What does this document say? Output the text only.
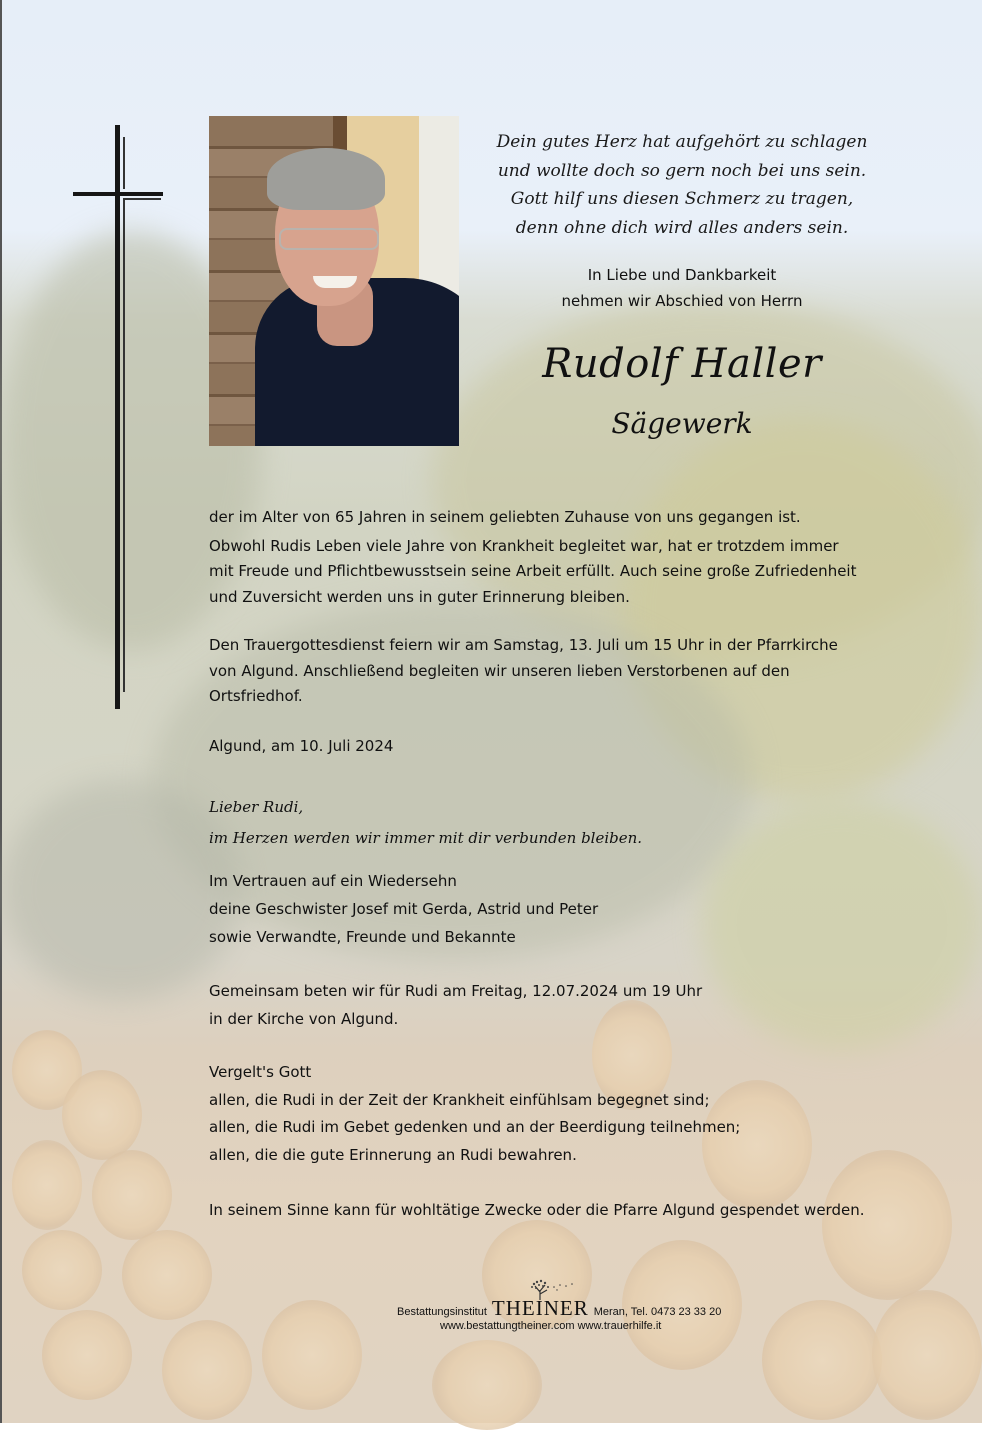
Dein gutes Herz hat aufgehört zu schlagen
und wollte doch so gern noch bei uns sein.
Gott hilf uns diesen Schmerz zu tragen,
denn ohne dich wird alles anders sein.
In Liebe und Dankbarkeit
nehmen wir Abschied von Herrn
Rudolf Haller
Sägewerk

der im Alter von 65 Jahren in seinem geliebten Zuhause von uns gegangen ist.

Obwohl Rudis Leben viele Jahre von Krankheit begleitet war, hat er trotzdem immer

mit Freude und Pflichtbewusstsein seine Arbeit erfüllt. Auch seine große Zufriedenheit

und Zuversicht werden uns in guter Erinnerung bleiben.

Den Trauergottesdienst feiern wir am Samstag, 13. Juli um 15 Uhr in der Pfarrkirche

von Algund. Anschließend begleiten wir unseren lieben Verstorbenen auf den

Ortsfriedhof.

Algund, am 10. Juli 2024

Lieber Rudi,

im Herzen werden wir immer mit dir verbunden bleiben.

Im Vertrauen auf ein Wiedersehn

deine Geschwister Josef mit Gerda, Astrid und Peter

sowie Verwandte, Freunde und Bekannte

Gemeinsam beten wir für Rudi am Freitag, 12.07.2024 um 19 Uhr

in der Kirche von Algund.

Vergelt's Gott

allen, die Rudi in der Zeit der Krankheit einfühlsam begegnet sind;

allen, die Rudi im Gebet gedenken und an der Beerdigung teilnehmen;

allen, die die gute Erinnerung an Rudi bewahren.

In seinem Sinne kann für wohltätige Zwecke oder die Pfarre Algund gespendet werden.
Bestattungsinstitut THEINER Meran, Tel. 0473 23 33 20
www.bestattungtheiner.com www.trauerhilfe.it
